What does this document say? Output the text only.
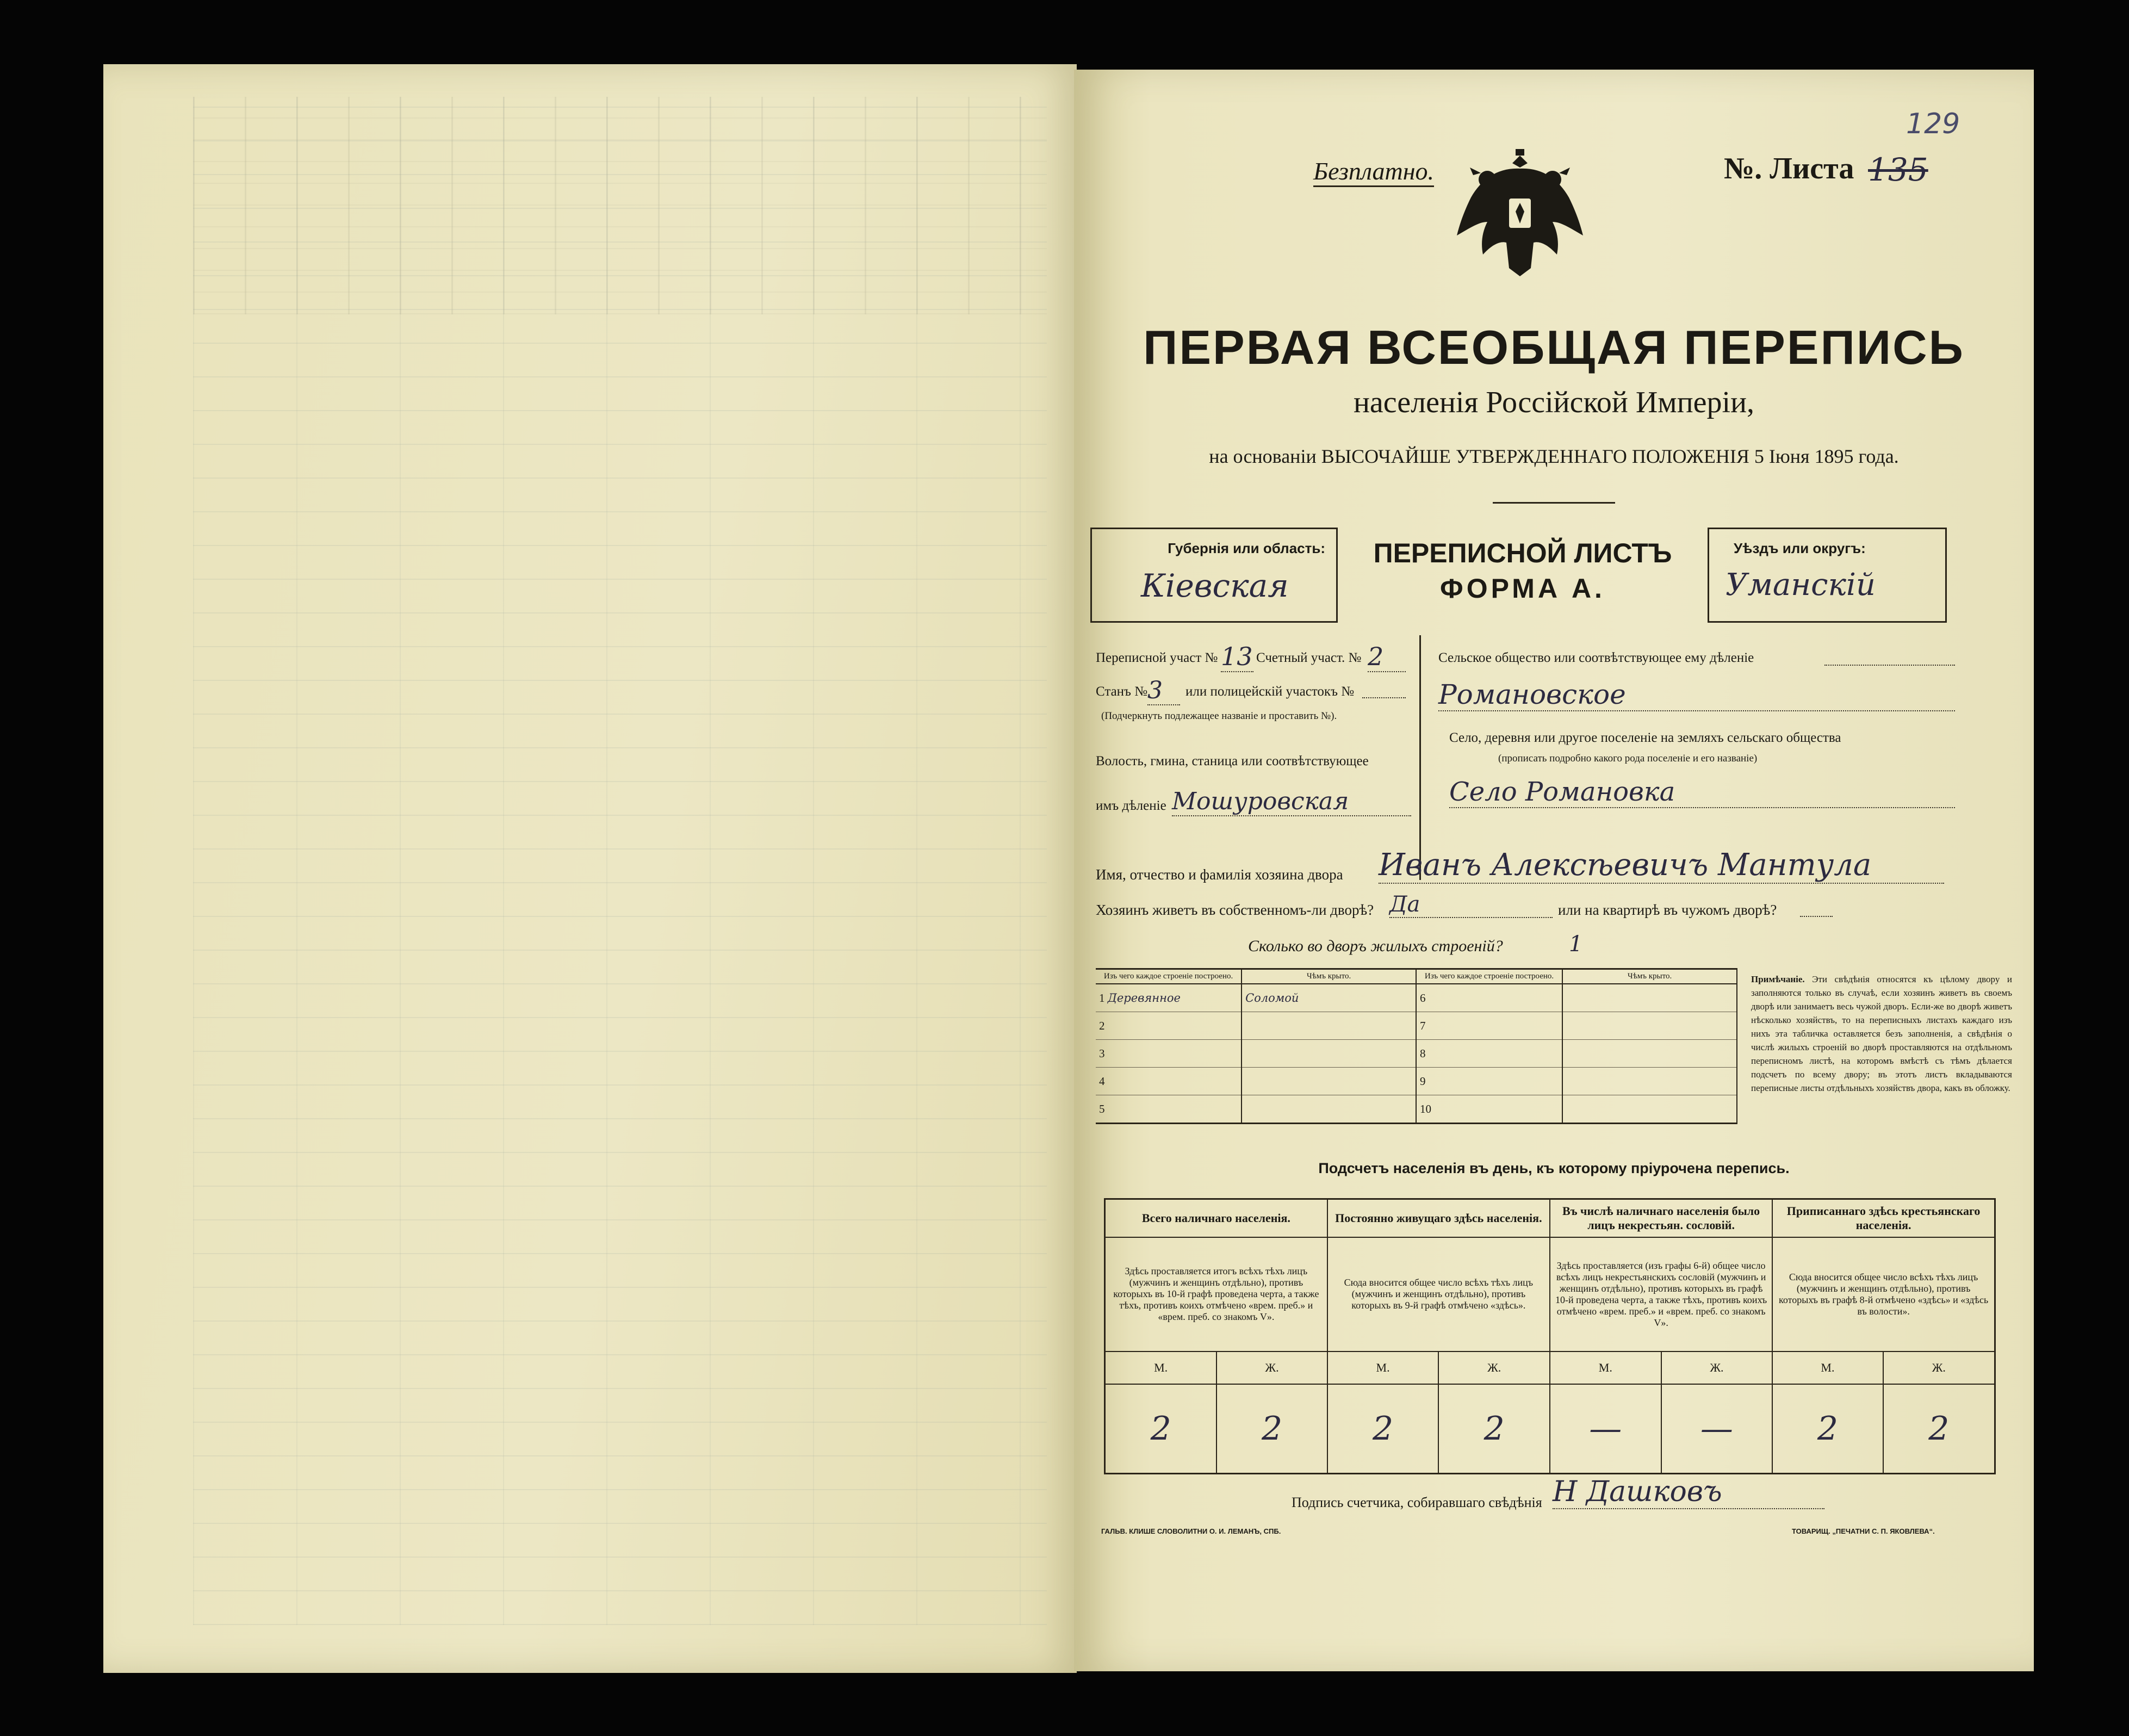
Безплатно.	№. Листа 135
129
ПЕРВАЯ ВСЕОБЩАЯ ПЕРЕПИСЬ
населенія Россійской Имперіи,
на основаніи ВЫСОЧАЙШЕ УТВЕРЖДЕННАГО ПОЛОЖЕНІЯ 5 Іюня 1895 года.
Губернія или область:
Кіевская
ПЕРЕПИСНОЙ ЛИСТЪ
ФОРМА А.
Уѣздъ или округъ:
Уманскій
Переписной участ № 13 Счетный участ. № 2
Станъ № 3	или полицейскій участокъ №
(Подчеркнуть подлежащее названіе и проставить №).
Волость, гмина, станица или соотвѣтствующее
имъ дѣленіе Мошуровская
Сельское общество или соотвѣтствующее ему дѣленіе
Романовское
Село, деревня или другое поселеніе на земляхъ сельскаго общества
(прописать подробно какого рода поселеніе и его названіе)
Село Романовка
Имя, отчество и фамилія хозяина двора Иванъ Алексѣевичъ Мантула
Хозяинъ живетъ въ собственномъ-ли дворѣ? Да	или на квартирѣ въ чужомъ дворѣ?
Сколько во дворъ жилыхъ строеній?	1
Изъ чего каждое строеніе построено.	Чѣмъ крыто.	Изъ чего каждое строеніе построено.	Чѣмъ крыто.
1 Деревянное	Соломой	6	
2		7	
3		8	
4		9	
5		10	
Примѣчаніе. Эти свѣдѣнія относятся къ цѣлому двору и заполняются только въ случаѣ, если хозяинъ живетъ въ своемъ дворѣ или занимаетъ весь чужой дворъ. Если-же во дворѣ живетъ нѣсколько хозяйствъ, то на переписныхъ листахъ каждаго изъ нихъ эта табличка оставляется безъ заполненія, а свѣдѣнія о числѣ жилыхъ строеній во дворѣ проставляются на отдѣльномъ переписномъ листѣ, на которомъ вмѣстѣ съ тѣмъ дѣлается подсчетъ по всему двору; въ этотъ листъ вкладываются переписные листы отдѣльныхъ хозяйствъ двора, какъ въ обложку.
Подсчетъ населенія въ день, къ которому пріурочена перепись.
Всего наличнаго населенія.		Постоянно живущаго здѣсь населенія.		Въ числѣ наличнаго населенія было лицъ некрестьян. сословій.		Приписаннаго здѣсь крестьянскаго населенія.	
Здѣсь проставляется итогъ всѣхъ тѣхъ лицъ (мужчинъ и женщинъ отдѣльно), противъ которыхъ въ 10-й графѣ проведена черта, а также тѣхъ, противъ коихъ отмѣчено «врем. преб.» и «врем. преб. со знакомъ V».		Сюда вносится общее число всѣхъ тѣхъ лицъ (мужчинъ и женщинъ отдѣльно), противъ которыхъ въ 9-й графѣ отмѣчено «здѣсь».		Здѣсь проставляется (изъ графы 6-й) общее число всѣхъ лицъ некрестьянскихъ сословій (мужчинъ и женщинъ отдѣльно), противъ которыхъ въ графѣ 10-й проведена черта, а также тѣхъ, противъ коихъ отмѣчено «врем. преб.» и «врем. преб. со знакомъ V».		Сюда вносится общее число всѣхъ тѣхъ лицъ (мужчинъ и женщинъ отдѣльно), противъ которыхъ въ графѣ 8-й отмѣчено «здѣсь» и «здѣсь въ волости».	
М.	Ж.	М.	Ж.	М.	Ж.	М.	Ж.
2	2	2	2	—	—	2	2
Подпись счетчика, собиравшаго свѣдѣнія Н Дашковъ
ГАЛЬВ. КЛИШЕ СЛОВОЛИТНИ О. И. ЛЕМАНЪ, СПБ.	ТОВАРИЩ. „ПЕЧАТНИ С. П. ЯКОВЛЕВА“.
